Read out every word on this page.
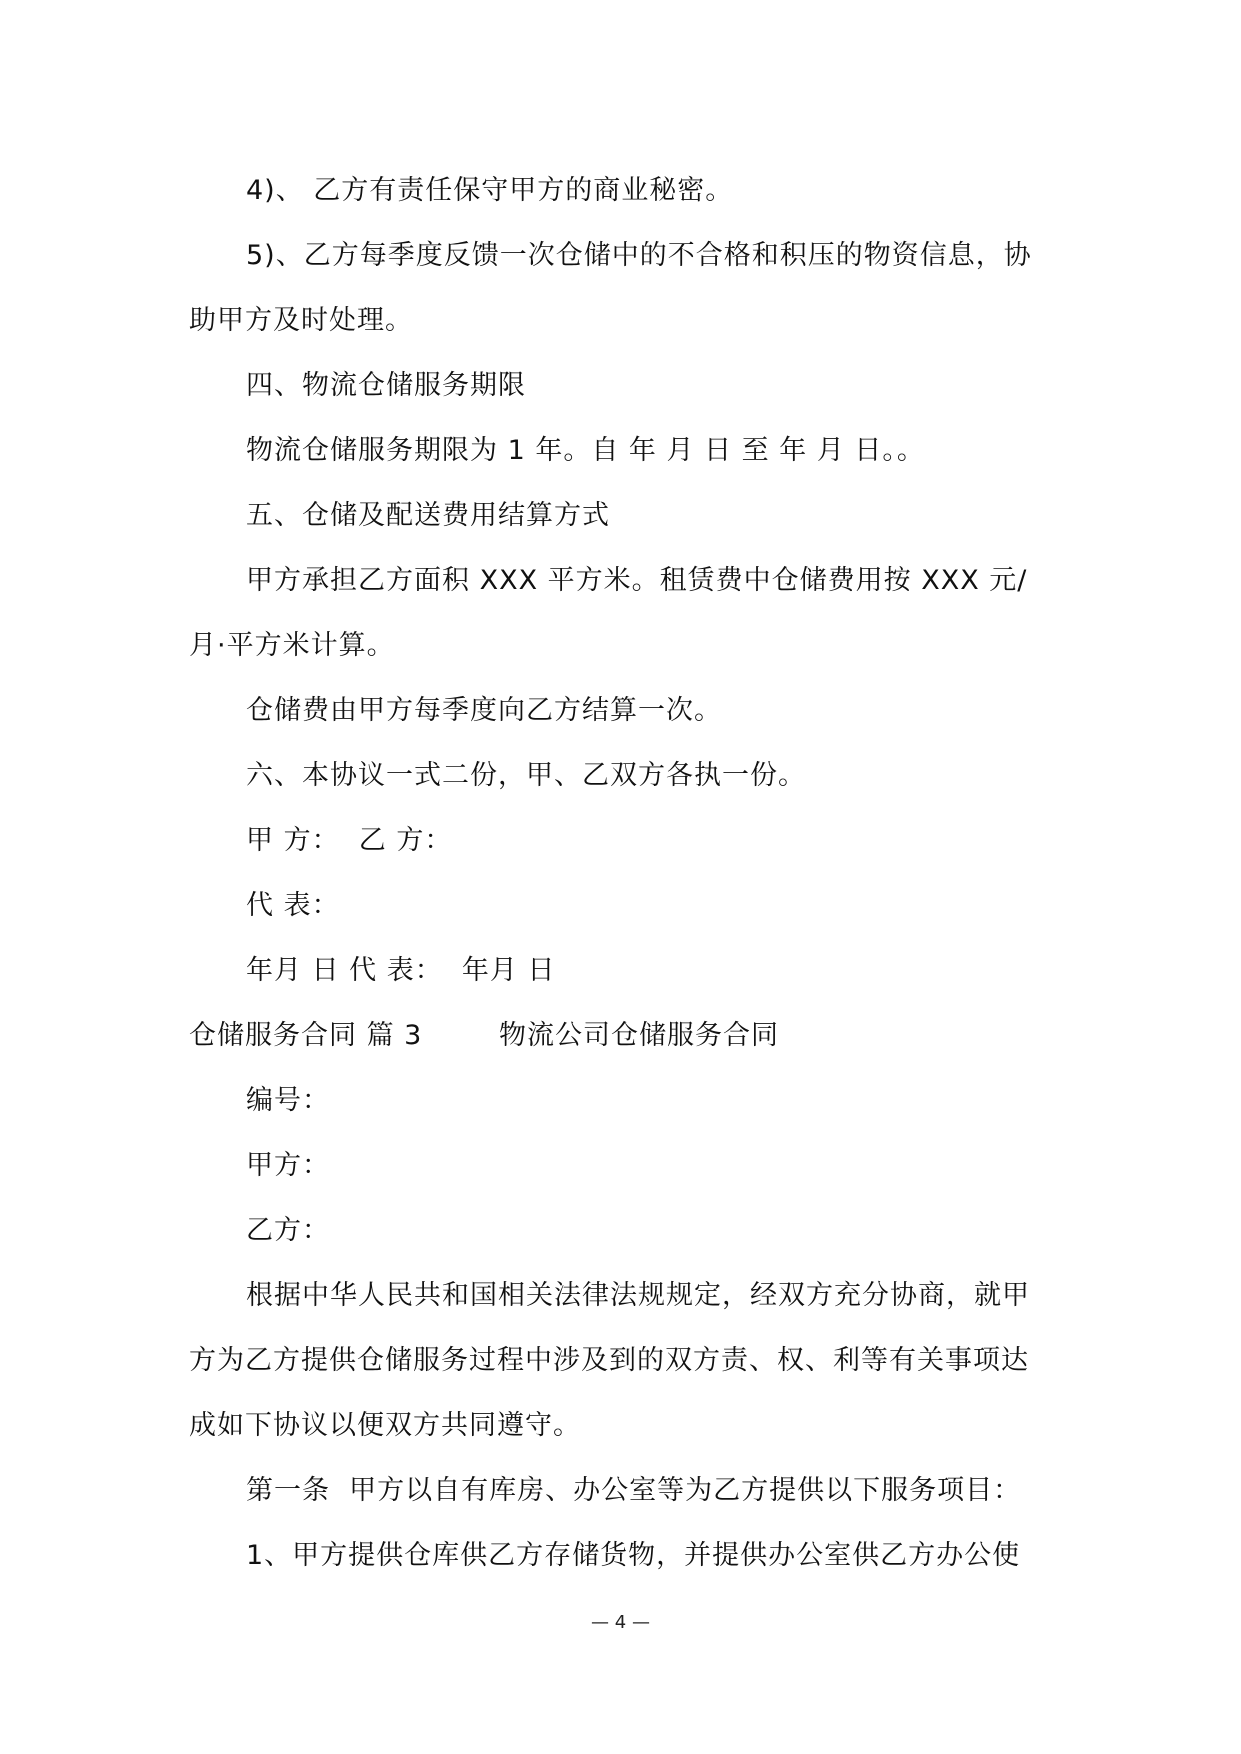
4)、 乙方有责任保守甲方的商业秘密。
5)、乙方每季度反馈一次仓储中的不合格和积压的物资信息，协
助甲方及时处理。
四、物流仓储服务期限
物流仓储服务期限为 1 年。自 年 月 日 至 年 月 日。。
五、仓储及配送费用结算方式
甲方承担乙方面积 XXX 平方米。租赁费中仓储费用按 XXX 元/
月·平方米计算。
仓储费由甲方每季度向乙方结算一次。
六、本协议一式二份，甲、乙双方各执一份。
甲 方：  乙 方：
代 表：
年月 日 代 表：  年月 日
仓储服务合同 篇 3        物流公司仓储服务合同
编号：
甲方：
乙方：
根据中华人民共和国相关法律法规规定，经双方充分协商，就甲
方为乙方提供仓储服务过程中涉及到的双方责、权、利等有关事项达
成如下协议以便双方共同遵守。
第一条  甲方以自有库房、办公室等为乙方提供以下服务项目：
1、甲方提供仓库供乙方存储货物，并提供办公室供乙方办公使
— 4 —
